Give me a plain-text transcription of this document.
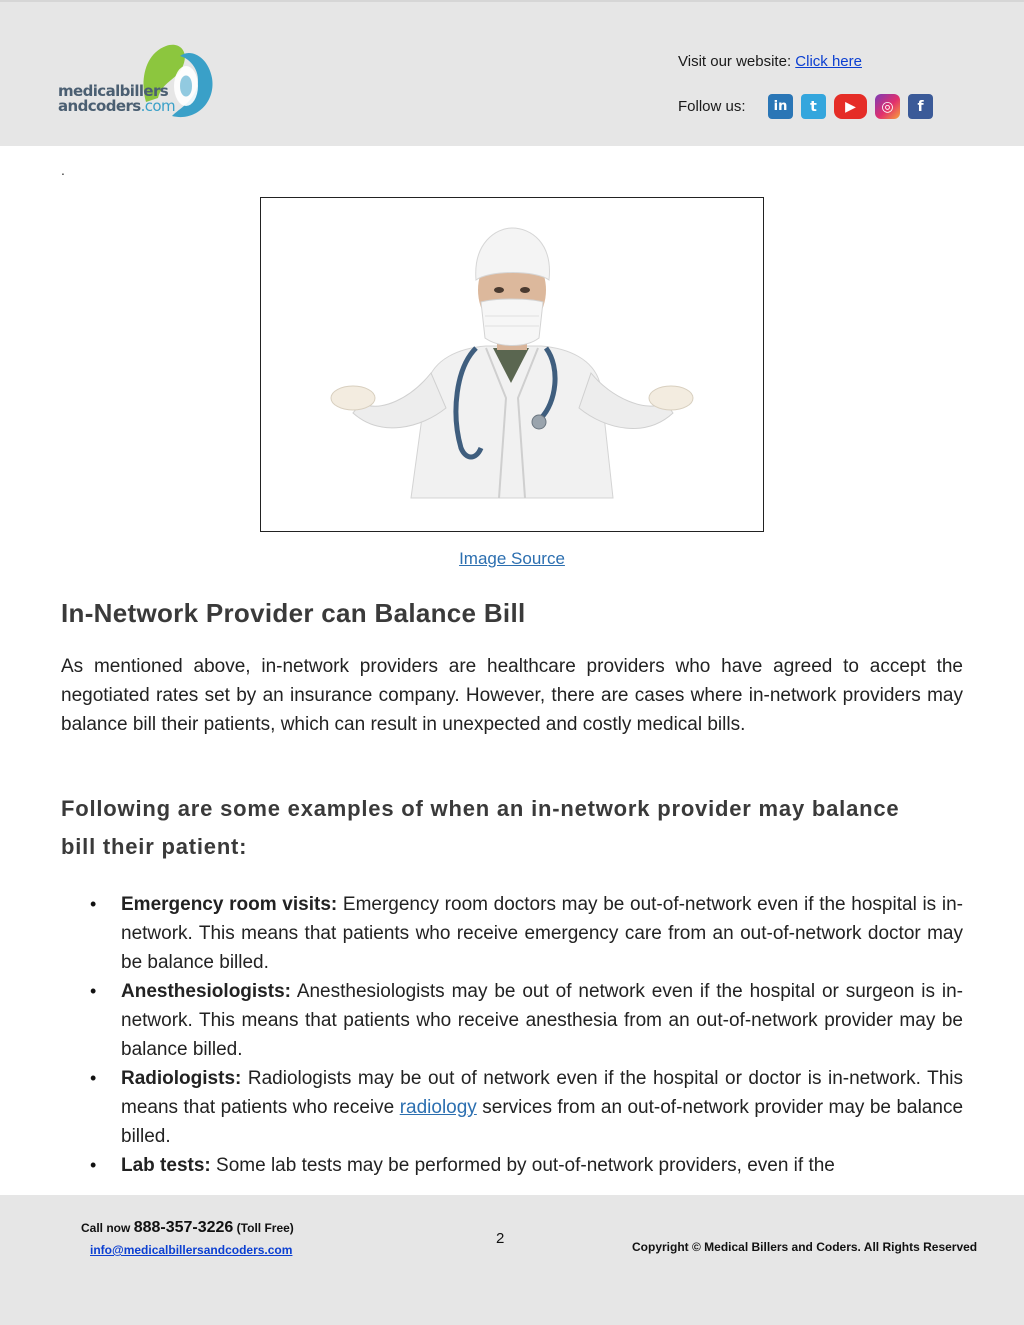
medicalbillers
andcoders.com
Visit our website: Click here
Follow us:	in	t	▶	◎	f
.
Image Source
In-Network Provider can Balance Bill

As mentioned above, in-network providers are healthcare providers who have agreed to accept the negotiated rates set by an insurance company. However, there are cases where in-network providers may balance bill their patients, which can result in unexpected and costly medical bills.

Following are some examples of when an in-network provider may balance bill their patient:
• Emergency room visits: Emergency room doctors may be out-of-network even if the hospital is in-network. This means that patients who receive emergency care from an out-of-network doctor may be balance billed.
• Anesthesiologists: Anesthesiologists may be out of network even if the hospital or surgeon is in-network. This means that patients who receive anesthesia from an out-of-network provider may be balance billed.
• Radiologists: Radiologists may be out of network even if the hospital or doctor is in-network. This means that patients who receive radiology services from an out-of-network provider may be balance billed.
• Lab tests: Some lab tests may be performed by out-of-network providers, even if the
Call now 888-357-3226 (Toll Free)
info@medicalbillersandcoders.com
2	Copyright © Medical Billers and Coders. All Rights Reserved
